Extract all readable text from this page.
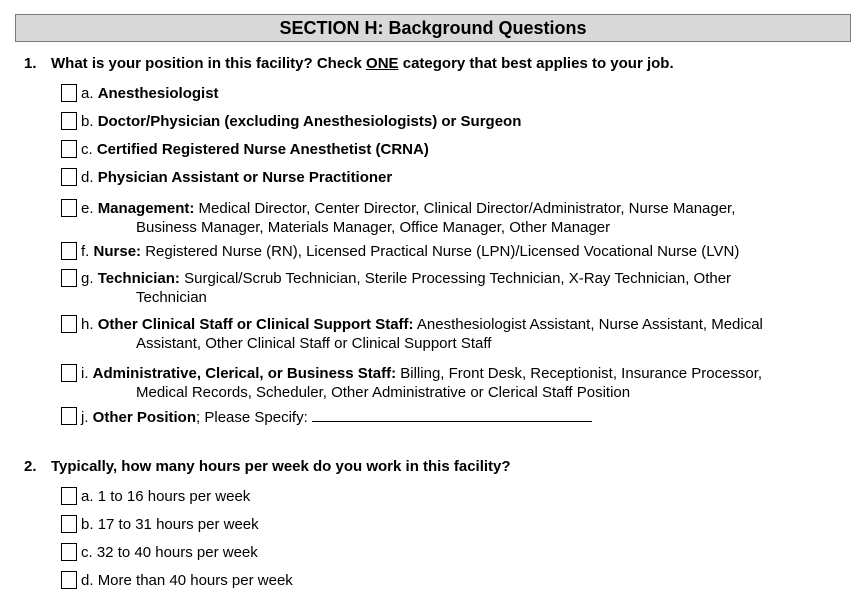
SECTION H: Background Questions
1. What is your position in this facility? Check ONE category that best applies to your job.
a. Anesthesiologist
b. Doctor/Physician (excluding Anesthesiologists) or Surgeon
c. Certified Registered Nurse Anesthetist (CRNA)
d. Physician Assistant or Nurse Practitioner
e. Management: Medical Director, Center Director, Clinical Director/Administrator, Nurse Manager,
Business Manager, Materials Manager, Office Manager, Other Manager
f. Nurse: Registered Nurse (RN), Licensed Practical Nurse (LPN)/Licensed Vocational Nurse (LVN)
g. Technician: Surgical/Scrub Technician, Sterile Processing Technician, X-Ray Technician, Other
Technician
h. Other Clinical Staff or Clinical Support Staff: Anesthesiologist Assistant, Nurse Assistant, Medical
Assistant, Other Clinical Staff or Clinical Support Staff
i. Administrative, Clerical, or Business Staff: Billing, Front Desk, Receptionist, Insurance Processor,
Medical Records, Scheduler, Other Administrative or Clerical Staff Position
j. Other Position; Please Specify:
2. Typically, how many hours per week do you work in this facility?
a. 1 to 16 hours per week
b. 17 to 31 hours per week
c. 32 to 40 hours per week
d. More than 40 hours per week
